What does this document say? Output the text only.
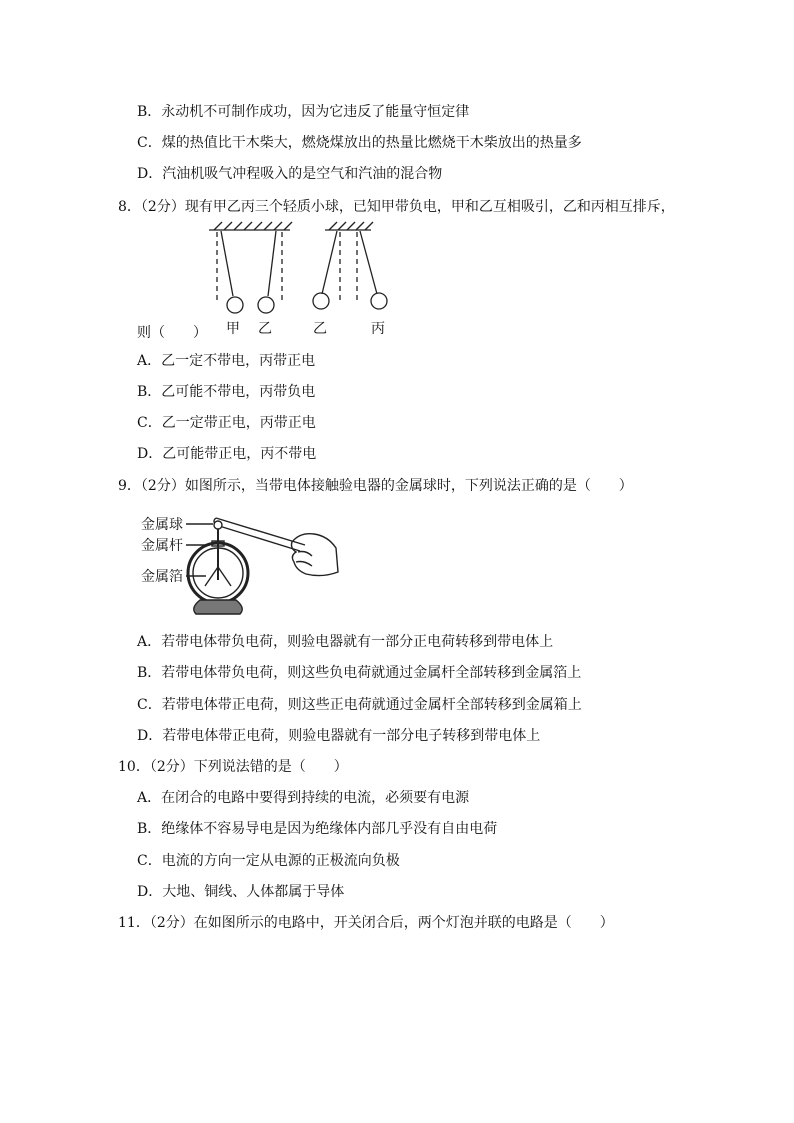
B．永动机不可制作成功，因为它违反了能量守恒定律
C．煤的热值比干木柴大，燃烧煤放出的热量比燃烧干木柴放出的热量多
D．汽油机吸气冲程吸入的是空气和汽油的混合物
8．（2分）现有甲乙丙三个轻质小球，已知甲带负电，甲和乙互相吸引，乙和丙相互排斥，
甲 乙	乙	丙
则（　　）
A．乙一定不带电，丙带正电
B．乙可能不带电，丙带负电
C．乙一定带正电，丙带正电
D．乙可能带正电，丙不带电
9．（2分）如图所示，当带电体接触验电器的金属球时，下列说法正确的是（　　）
金属球
金属杆
金属箔
A．若带电体带负电荷，则验电器就有一部分正电荷转移到带电体上
B．若带电体带负电荷，则这些负电荷就通过金属杆全部转移到金属箔上
C．若带电体带正电荷，则这些正电荷就通过金属杆全部转移到金属箱上
D．若带电体带正电荷，则验电器就有一部分电子转移到带电体上
10．（2分）下列说法错的是（　　）
A．在闭合的电路中要得到持续的电流，必须要有电源
B．绝缘体不容易导电是因为绝缘体内部几乎没有自由电荷
C．电流的方向一定从电源的正极流向负极
D．大地、铜线、人体都属于导体
11．（2分）在如图所示的电路中，开关闭合后，两个灯泡并联的电路是（　　）
